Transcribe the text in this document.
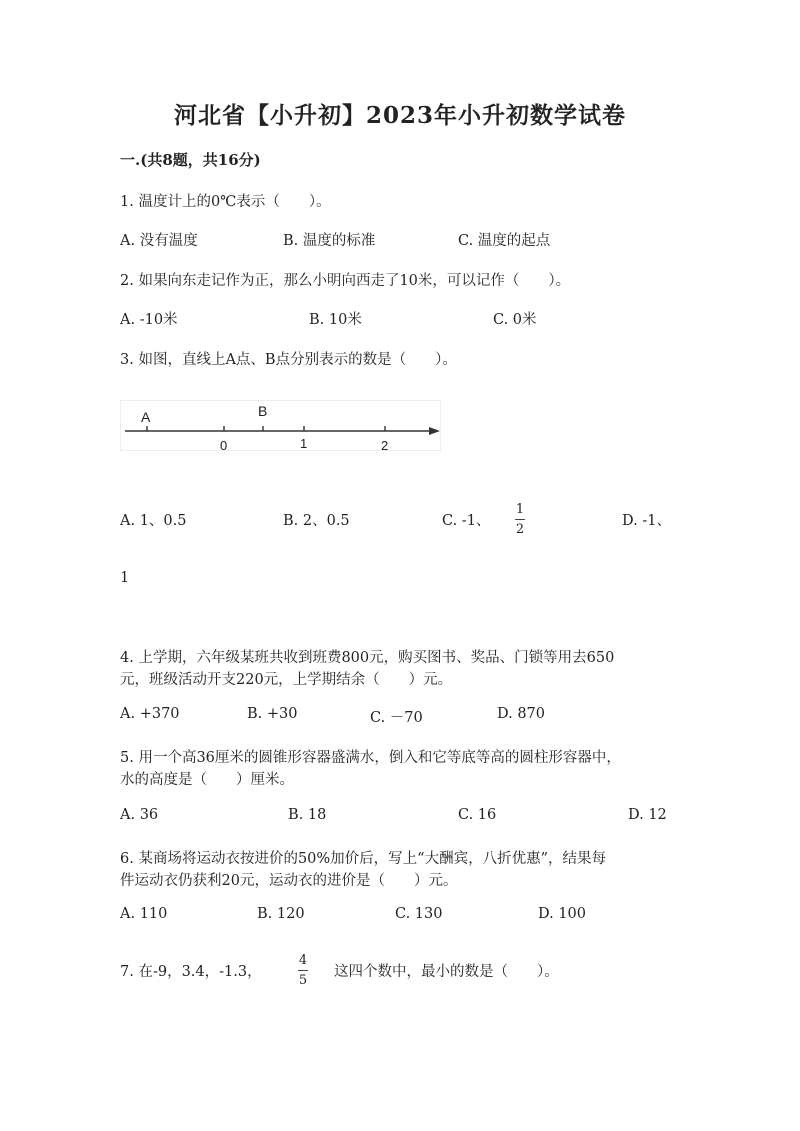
河北省【小升初】2023年小升初数学试卷
一.(共8题，共16分)
1. 温度计上的0℃表示（　　）。
A. 没有温度	B. 温度的标准	C. 温度的起点
2. 如果向东走记作为正，那么小明向西走了10米，可以记作（　　）。
A. -10米	B. 10米	C. 0米
3. 如图，直线上A点、B点分别表示的数是（　　）。
A	B
0	1	2
A. 1、0.5	B. 2、0.5	C. -1、
1
2
D. -1、
1
4. 上学期，六年级某班共收到班费800元，购买图书、奖品、门锁等用去650
元，班级活动开支220元，上学期结余（　　）元。
A. +370	B. +30	C. －70	D. 870
5. 用一个高36厘米的圆锥形容器盛满水，倒入和它等底等高的圆柱形容器中，
水的高度是（　　）厘米。
A. 36	B. 18	C. 16	D. 12
6. 某商场将运动衣按进价的50%加价后，写上“大酬宾，八折优惠”，结果每
件运动衣仍获利20元，运动衣的进价是（　　）元。
A. 110	B. 120	C. 130	D. 100
7. 在-9，3.4，-1.3，
4
5
这四个数中，最小的数是（　　）。
